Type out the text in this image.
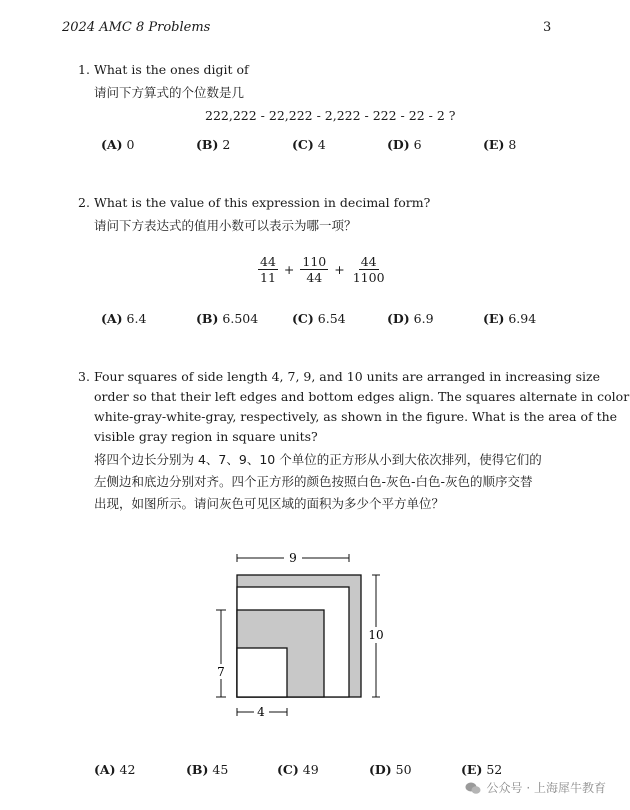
2024 AMC 8 Problems	3
1. What is the ones digit of
请问下方算式的个位数是几
222,222 - 22,222 - 2,222 - 222 - 22 - 2 ?
(A) 0	(B) 2	(C) 4	(D) 6	(E) 8
2. What is the value of this expression in decimal form?
请问下方表达式的值用小数可以表示为哪一项？
$\frac{44}{11} + \frac{110}{44} + \frac{44}{1100}$
(A) 6.4	(B) 6.504	(C) 6.54	(D) 6.9	(E) 6.94
3. Four squares of side length 4, 7, 9, and 10 units are arranged in increasing size
order so that their left edges and bottom edges align. The squares alternate in color
white-gray-white-gray, respectively, as shown in the figure. What is the area of the
visible gray region in square units?
将四个边长分别为 4、7、9、10 个单位的正方形从小到大依次排列，使得它们的
左侧边和底边分别对齐。四个正方形的颜色按照白色-灰色-白色-灰色的顺序交替
出现，如图所示。请问灰色可见区域的面积为多少个平方单位？
9
10
7
4
(A) 42	(B) 45	(C) 49	(D) 50	(E) 52
公众号 · 上海犀牛教育
